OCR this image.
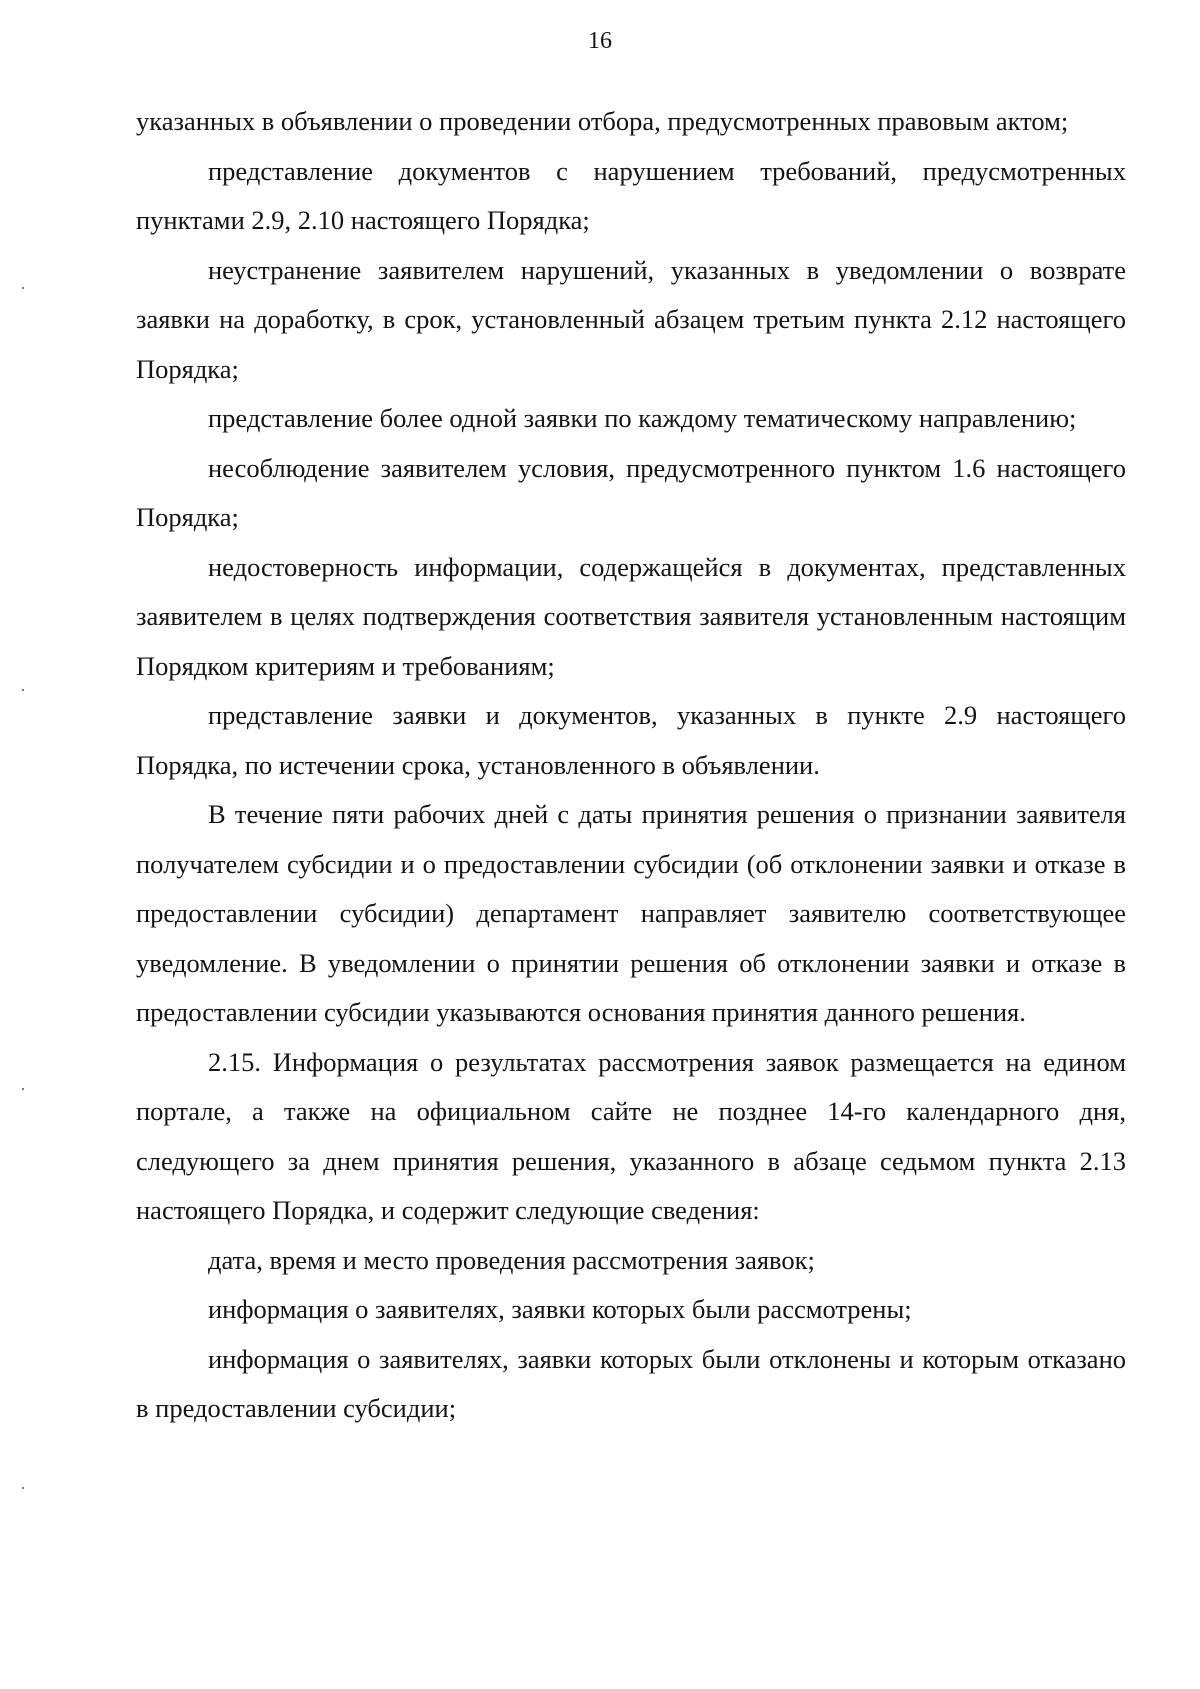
16

указанных в объявлении о проведении отбора, предусмотренных правовым актом;

представление документов с нарушением требований, предусмотренных пунктами 2.9, 2.10 настоящего Порядка;

неустранение заявителем нарушений, указанных в уведомлении о возврате заявки на доработку, в срок, установленный абзацем третьим пункта 2.12 настоящего Порядка;

представление более одной заявки по каждому тематическому направлению;

несоблюдение заявителем условия, предусмотренного пунктом 1.6 настоящего Порядка;

недостоверность информации, содержащейся в документах, представленных заявителем в целях подтверждения соответствия заявителя установленным настоящим Порядком критериям и требованиям;

представление заявки и документов, указанных в пункте 2.9 настоящего Порядка, по истечении срока, установленного в объявлении.

В течение пяти рабочих дней с даты принятия решения о признании заявителя получателем субсидии и о предоставлении субсидии (об отклонении заявки и отказе в предоставлении субсидии) департамент направляет заявителю соответствующее уведомление. В уведомлении о принятии решения об отклонении заявки и отказе в предоставлении субсидии указываются основания принятия данного решения.

2.15. Информация о результатах рассмотрения заявок размещается на едином портале, а также на официальном сайте не позднее 14-го календарного дня, следующего за днем принятия решения, указанного в абзаце седьмом пункта 2.13 настоящего Порядка, и содержит следующие сведения:

дата, время и место проведения рассмотрения заявок;

информация о заявителях, заявки которых были рассмотрены;

информация о заявителях, заявки которых были отклонены и которым отказано в предоставлении субсидии;
